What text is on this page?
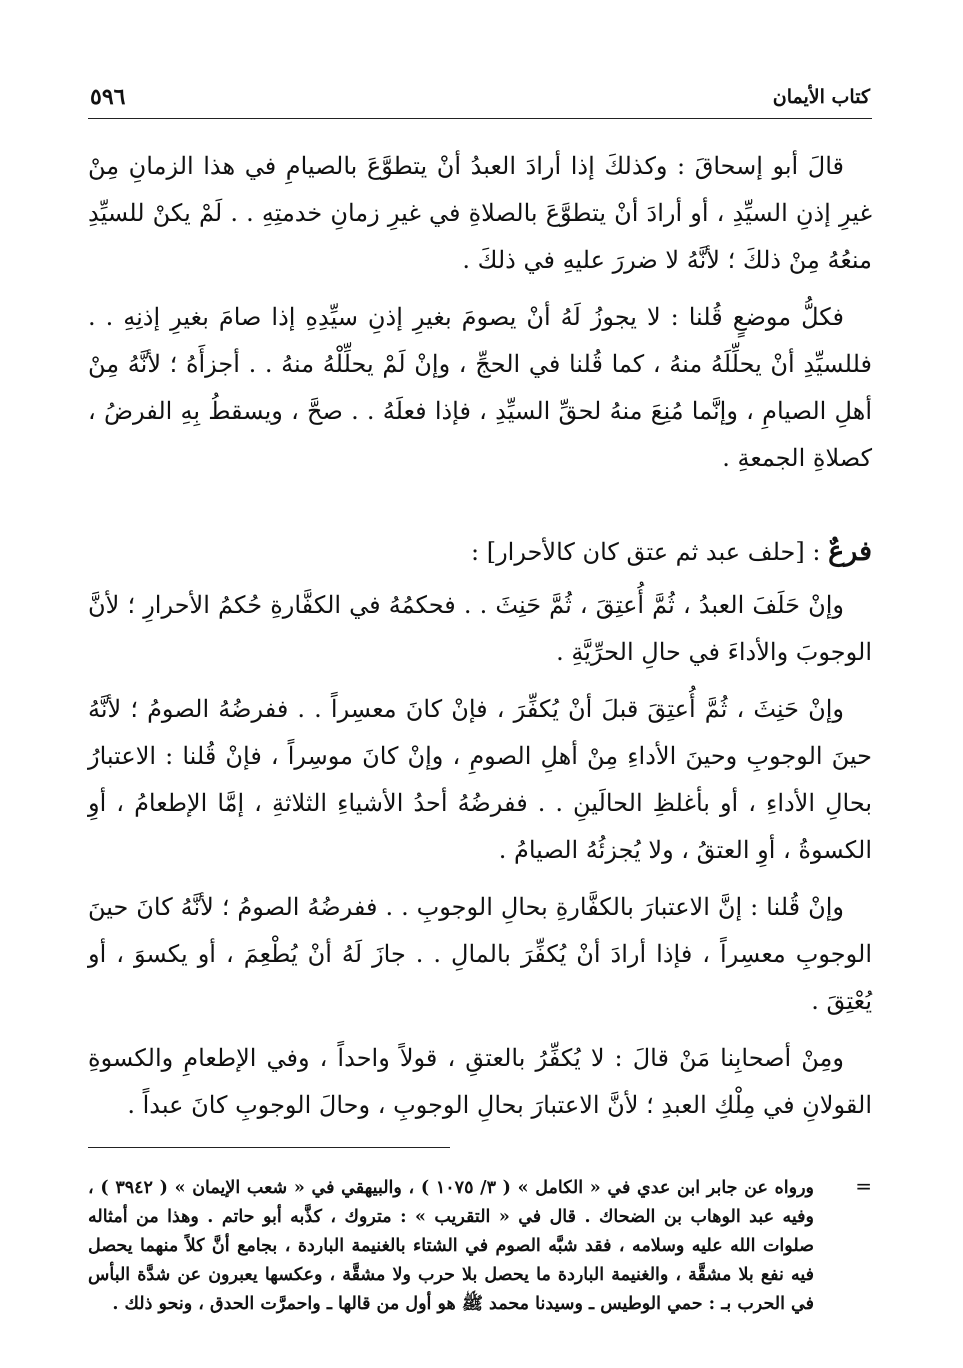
كتاب الأيمان
٥٩٦

قالَ أبو إسحاقَ : وكذلكَ إذا أرادَ العبدُ أنْ يتطوَّعَ بالصيامِ في هذا الزمانِ مِنْ غيرِ إذنِ السيِّدِ ، أو أرادَ أنْ يتطوَّعَ بالصلاةِ في غيرِ زمانِ خدمتِهِ . . لَمْ يكنْ للسيِّدِ منعُهُ مِنْ ذلكَ ؛ لأنَّهُ لا ضررَ عليهِ في ذلكَ .

فكلُّ موضعٍ قُلنا : لا يجوزُ لَهُ أنْ يصومَ بغيرِ إذنِ سيِّدِهِ إذا صامَ بغيرِ إذنِهِ . . فللسيِّدِ أنْ يحلِّلَهُ منهُ ، كما قُلنا في الحجِّ ، وإنْ لَمْ يحلِّلْهُ منهُ . . أجزأَهُ ؛ لأنَّهُ مِنْ أهلِ الصيامِ ، وإنَّما مُنِعَ منهُ لحقِّ السيِّدِ ، فإذا فعلَهُ . . صحَّ ، ويسقطُ بِهِ الفرضُ ، كصلاةِ الجمعةِ .

فرعٌ : [حلف عبد ثم عتق كان كالأحرار] :

وإنْ حَلَفَ العبدُ ، ثُمَّ أُعتِقَ ، ثُمَّ حَنِثَ . . فحكمُهُ في الكفَّارةِ حُكمُ الأحرارِ ؛ لأنَّ الوجوبَ والأداءَ في حالِ الحرِّيَّةِ .

وإنْ حَنِثَ ، ثُمَّ أُعتِقَ قبلَ أنْ يُكفِّرَ ، فإنْ كانَ معسِراً . . ففرضُهُ الصومُ ؛ لأنَّهُ حينَ الوجوبِ وحينَ الأداءِ مِنْ أهلِ الصومِ ، وإنْ كانَ موسِراً ، فإنْ قُلنا : الاعتبارُ بحالِ الأداءِ ، أو بأغلظِ الحالَينِ . . ففرضُهُ أحدُ الأشياءِ الثلاثةِ ، إمَّا الإطعامُ ، أوِ الكسوةُ ، أوِ العتقُ ، ولا يُجزئُهُ الصيامُ .

وإنْ قُلنا : إنَّ الاعتبارَ بالكفَّارةِ بحالِ الوجوبِ . . ففرضُهُ الصومُ ؛ لأنَّهُ كانَ حينَ الوجوبِ معسِراً ، فإذا أرادَ أنْ يُكفِّرَ بالمالِ . . جازَ لَهُ أنْ يُطْعِمَ ، أو يكسوَ ، أو يُعْتِقَ .

ومِنْ أصحابِنا مَنْ قالَ : لا يُكفِّرُ بالعتقِ ، قولاً واحداً ، وفي الإطعامِ والكسوةِ القولانِ في مِلْكِ العبدِ ؛ لأنَّ الاعتبارَ بحالِ الوجوبِ ، وحالَ الوجوبِ كانَ عبداً .

=

ورواه عن جابر ابن عدي في « الكامل » ( ٣/ ١٠٧٥ ) ، والبيهقي في « شعب الإيمان » ( ٣٩٤٢ ) ، وفيه عبد الوهاب بن الضحاك . قال في « التقريب » : متروك ، كذَّبه أبو حاتم . وهذا من أمثاله صلوات الله عليه وسلامه ، فقد شبَّه الصوم في الشتاء بالغنيمة الباردة ، بجامع أنَّ كلاً منهما يحصل فيه نفع بلا مشقَّة ، والغنيمة الباردة ما يحصل بلا حرب ولا مشقَّة ، وعكسها يعبرون عن شدَّة البأس في الحرب بـ : حمي الوطيس ـ وسيدنا محمد ﷺ هو أول من قالها ـ واحمرَّت الحدق ، ونحو ذلك .
